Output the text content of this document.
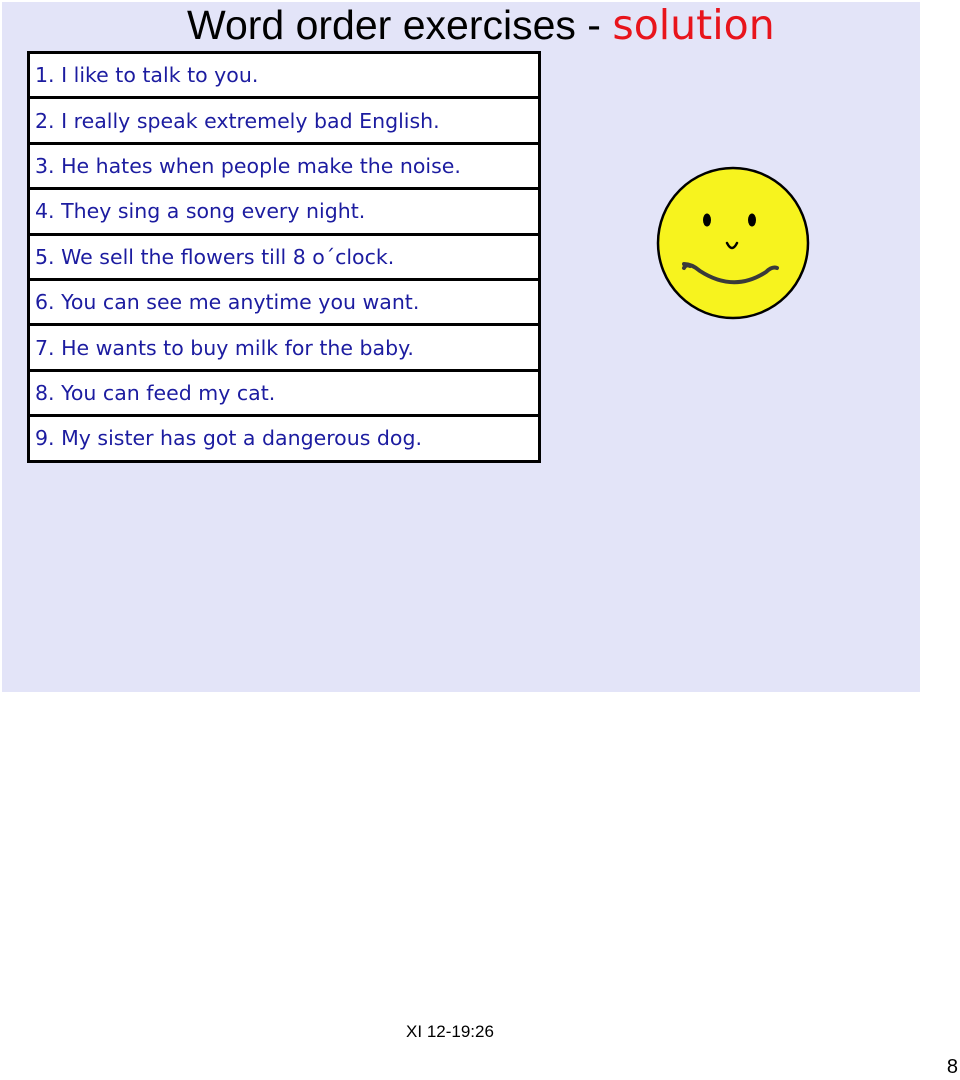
Word order exercises - solution
1. I like to talk to you.
2. I really speak extremely bad English.
3. He hates when people make the noise.
4. They sing a song every night.
5. We sell the flowers till 8 o´clock.
6. You can see me anytime you want.
7. He wants to buy milk for the baby.
8. You can feed my cat.
9. My sister has got a dangerous dog.
XI 12-19:26
8
